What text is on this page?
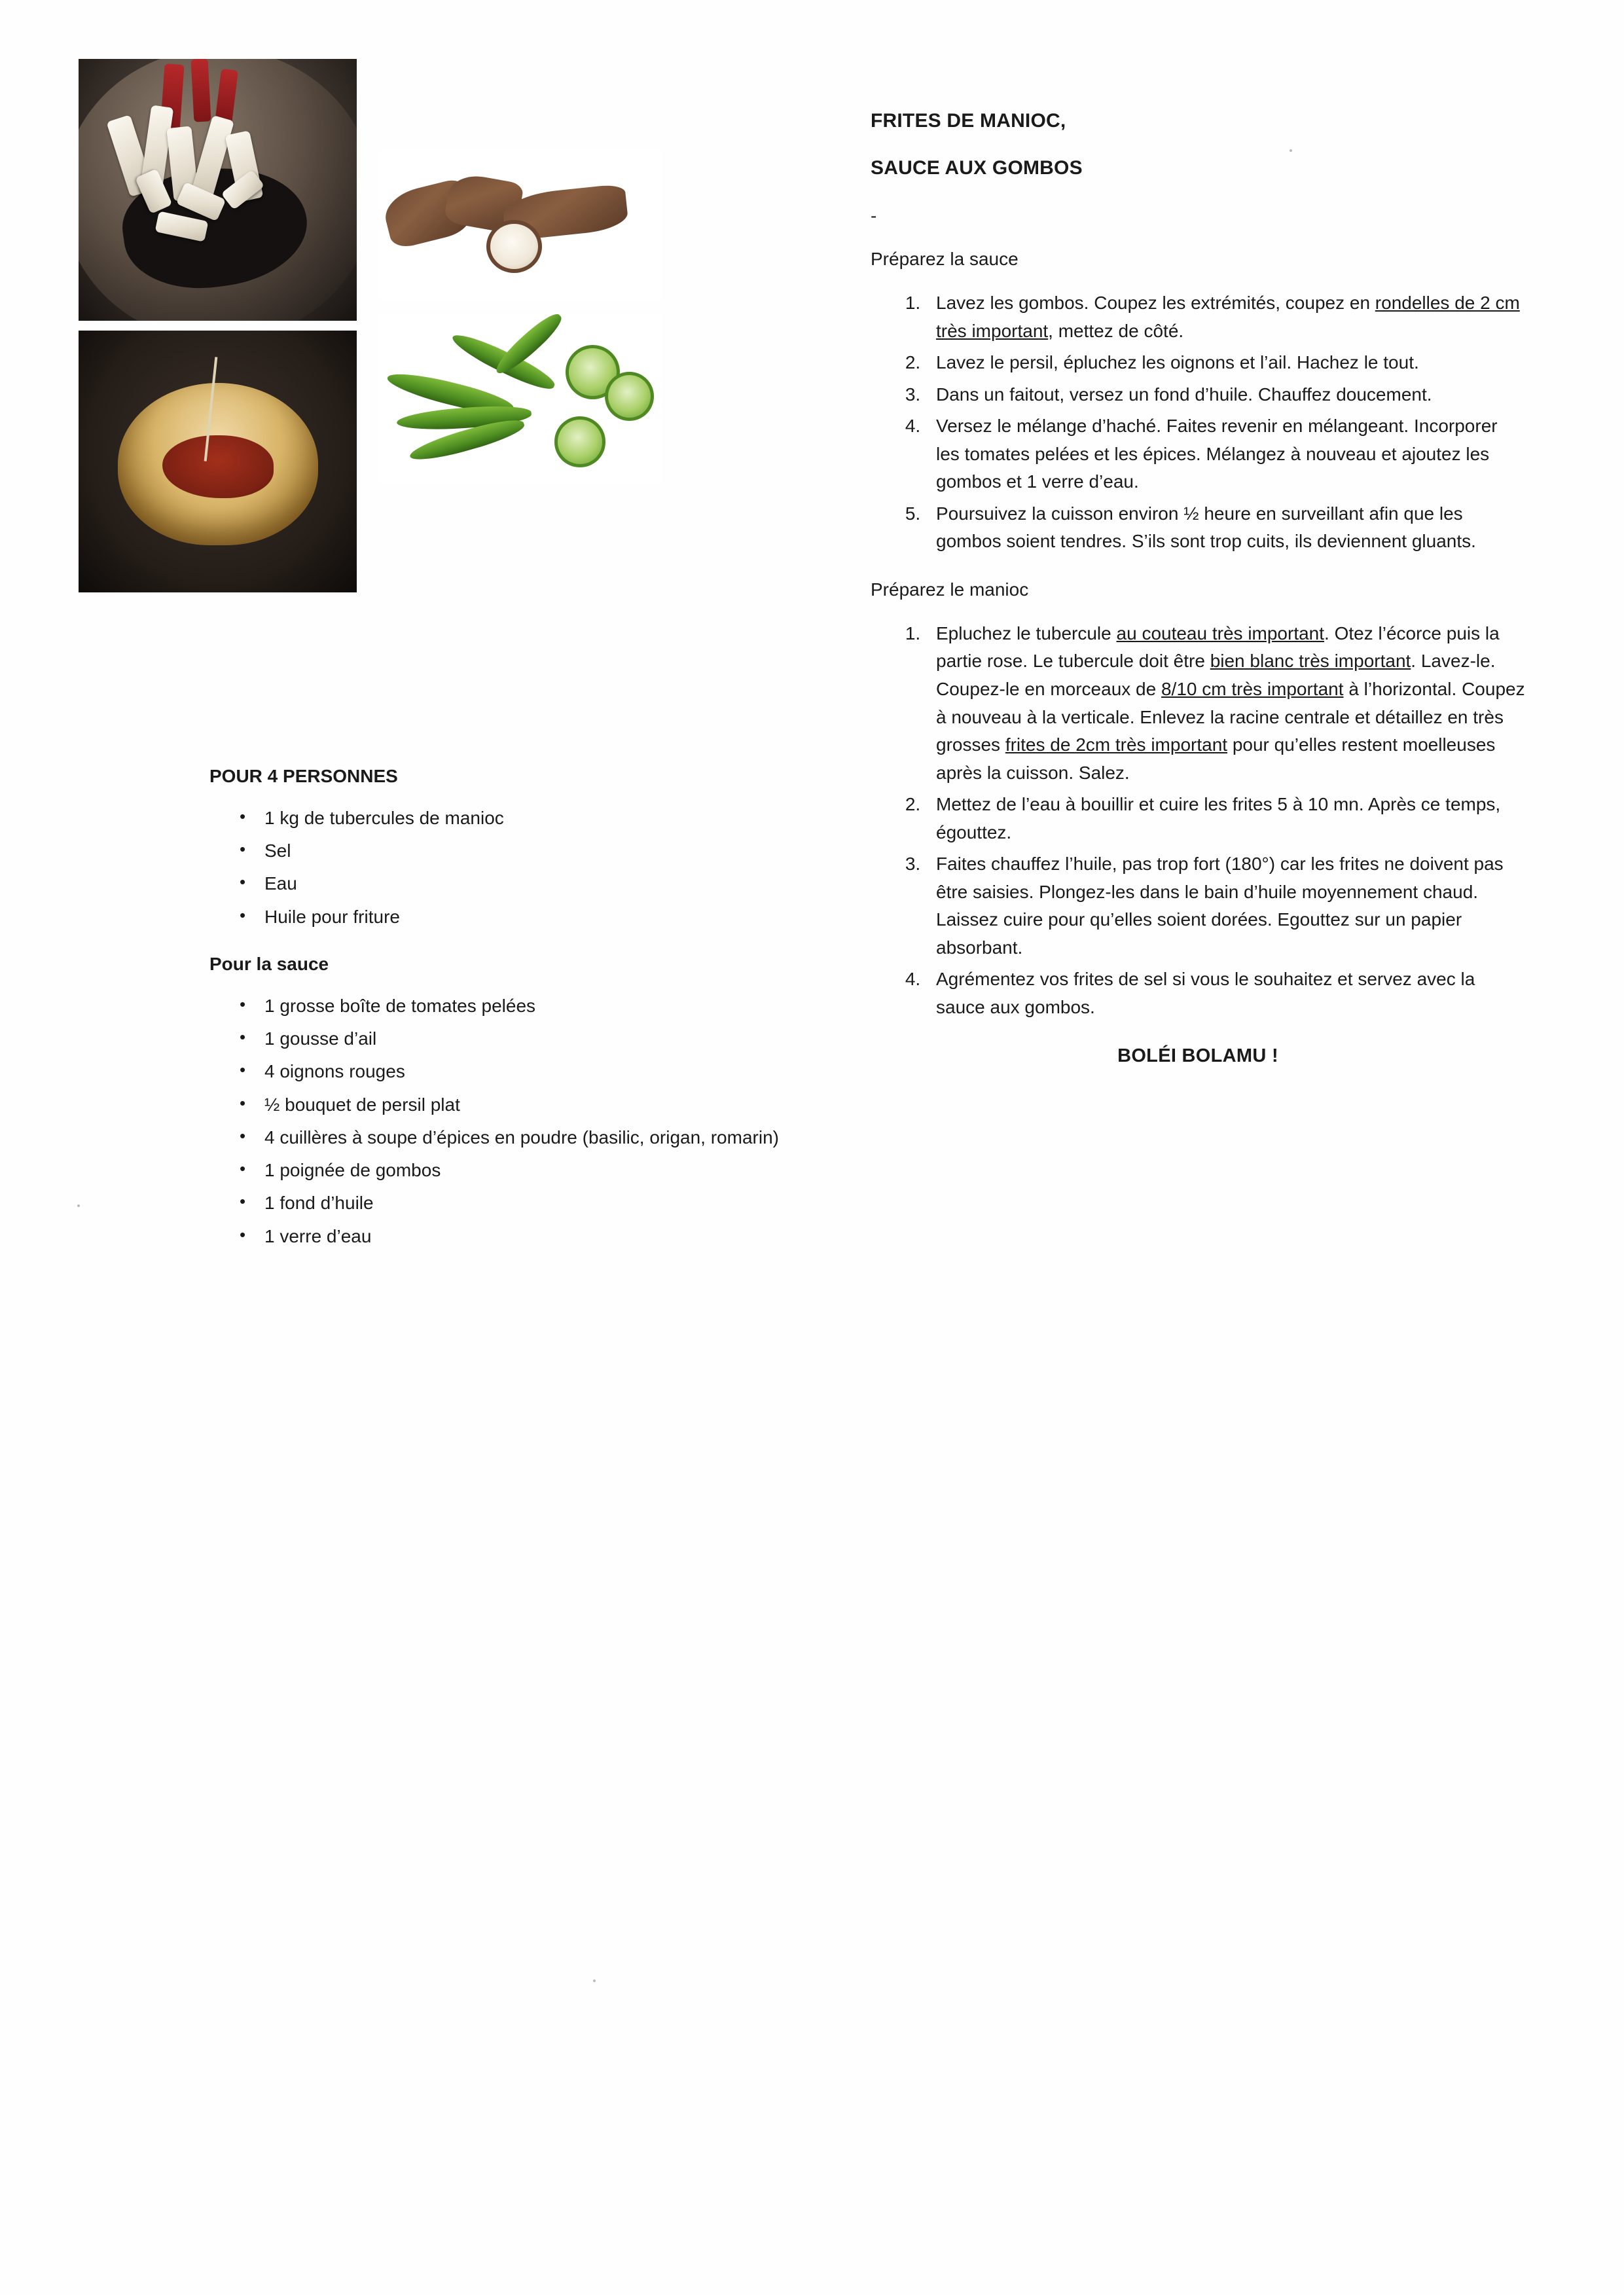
POUR 4 PERSONNES
• 1 kg de tubercules de manioc
• Sel
• Eau
• Huile pour friture
Pour la sauce
• 1 grosse boîte de tomates pelées
• 1 gousse d’ail
• 4 oignons rouges
• ½ bouquet de persil plat
• 4 cuillères à soupe d’épices en poudre (basilic, origan, romarin)
• 1 poignée de gombos
• 1 fond d’huile
• 1 verre d’eau
FRITES DE MANIOC,
SAUCE AUX GOMBOS
-
Préparez la sauce
1. Lavez les gombos. Coupez les extrémités, coupez en rondelles de 2 cm très important, mettez de côté.
2. Lavez le persil, épluchez les oignons et l’ail. Hachez le tout.
3. Dans un faitout, versez un fond d’huile. Chauffez doucement.
4. Versez le mélange d’haché. Faites revenir en mélangeant. Incorporer les tomates pelées et les épices. Mélangez à nouveau et ajoutez les gombos et 1 verre d’eau.
5. Poursuivez la cuisson environ ½ heure en surveillant afin que les gombos soient tendres. S’ils sont trop cuits, ils deviennent gluants.
Préparez le manioc
1. Epluchez le tubercule au couteau très important. Otez l’écorce puis la partie rose. Le tubercule doit être bien blanc très important. Lavez-le. Coupez-le en morceaux de 8/10 cm très important à l’horizontal. Coupez à nouveau à la verticale. Enlevez la racine centrale et détaillez en très grosses frites de 2cm très important pour qu’elles restent moelleuses après la cuisson. Salez.
2. Mettez de l’eau à bouillir et cuire les frites 5 à 10 mn. Après ce temps, égouttez.
3. Faites chauffez l’huile, pas trop fort (180°) car les frites ne doivent pas être saisies. Plongez-les dans le bain d’huile moyennement chaud. Laissez cuire pour qu’elles soient dorées. Egouttez sur un papier absorbant.
4. Agrémentez vos frites de sel si vous le souhaitez et servez avec la sauce aux gombos.
BOLÉI BOLAMU !
